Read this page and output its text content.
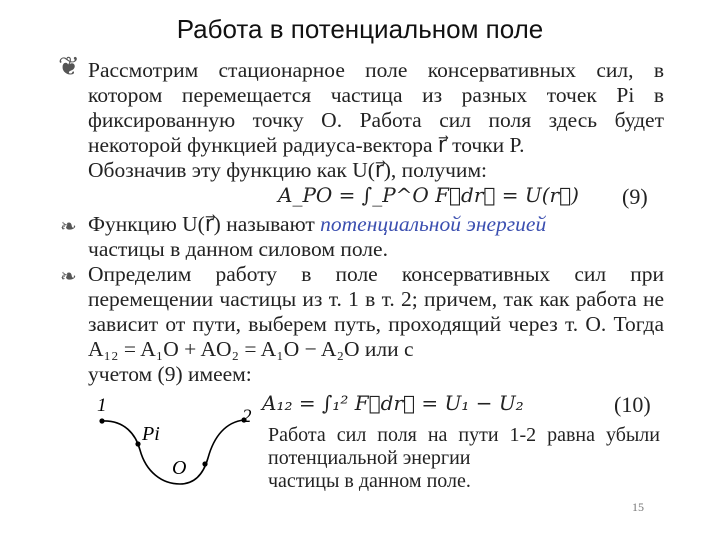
Работа в потенциальном поле
❦ Рассмотрим стационарное поле консервативных сил, в котором перемещается частица из разных точек Pi в фиксированную точку O. Работа сил поля здесь будет некоторой функцией радиуса-вектора r⃗ точки P.
Обозначив эту функцию как U(r⃗), получим:
A_PO = ∫_P^O F⃗dr⃗ = U(r⃗) (9)
❧ Функцию U(r⃗) называют потенциальной энергией
частицы в данном силовом поле.
❧ Определим работу в поле консервативных сил при перемещении частицы из т. 1 в т. 2; причем, так как работа не зависит от пути, выберем путь, проходящий через т. O. Тогда A₁₂ = A₁O + AO₂ = A₁O − A₂O или с
учетом (9) имеем:
A₁₂ = ∫₁² F⃗dr⃗ = U₁ − U₂	(10)
1
2
Pi
O
Работа сил поля на пути 1-2 равна убыли потенциальной энергии
частицы в данном поле.
15
